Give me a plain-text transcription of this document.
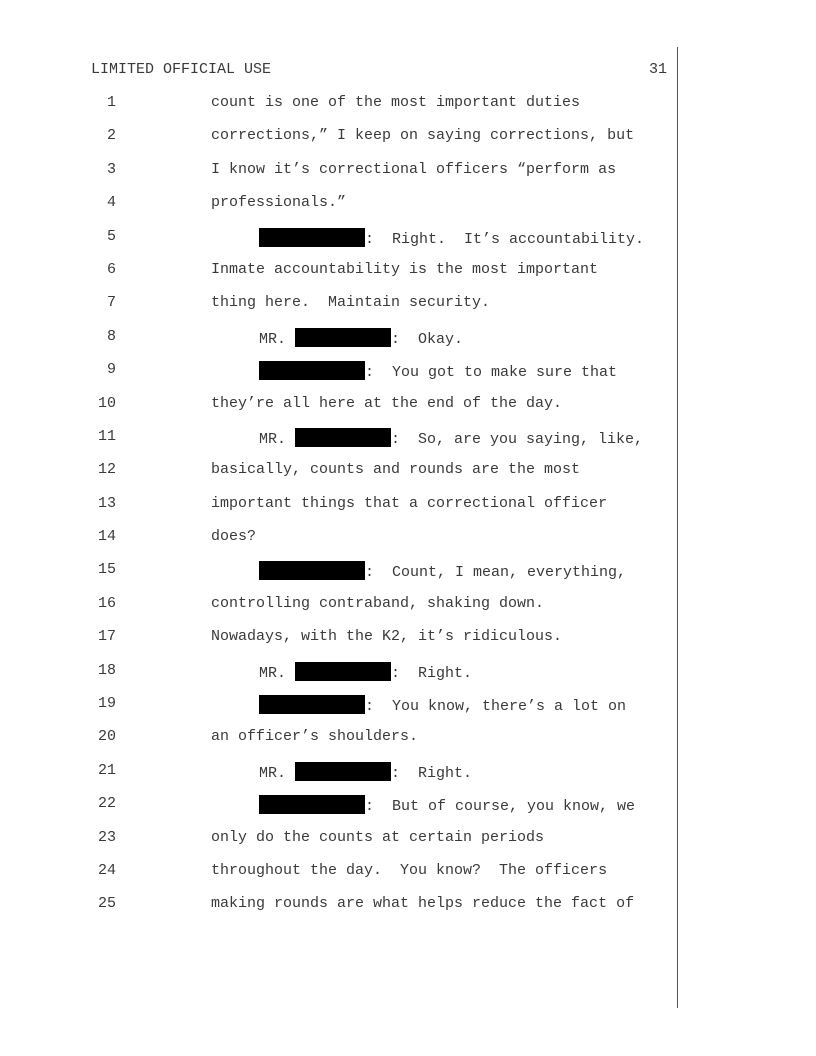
LIMITED OFFICIAL USE	31
1	count is one of the most important duties
2	corrections,” I keep on saying corrections, but
3	I know it’s correctional officers “perform as
4	professionals.”
5	:  Right.  It’s accountability.
6	Inmate accountability is the most important
7	thing here.  Maintain security.
8	MR.	:  Okay.
9	:  You got to make sure that
10	they’re all here at the end of the day.
11	MR.	:  So, are you saying, like,
12	basically, counts and rounds are the most
13	important things that a correctional officer
14	does?
15	:  Count, I mean, everything,
16	controlling contraband, shaking down.
17	Nowadays, with the K2, it’s ridiculous.
18	MR.	:  Right.
19	:  You know, there’s a lot on
20	an officer’s shoulders.
21	MR.	:  Right.
22	:  But of course, you know, we
23	only do the counts at certain periods
24	throughout the day.  You know?  The officers
25	making rounds are what helps reduce the fact of
